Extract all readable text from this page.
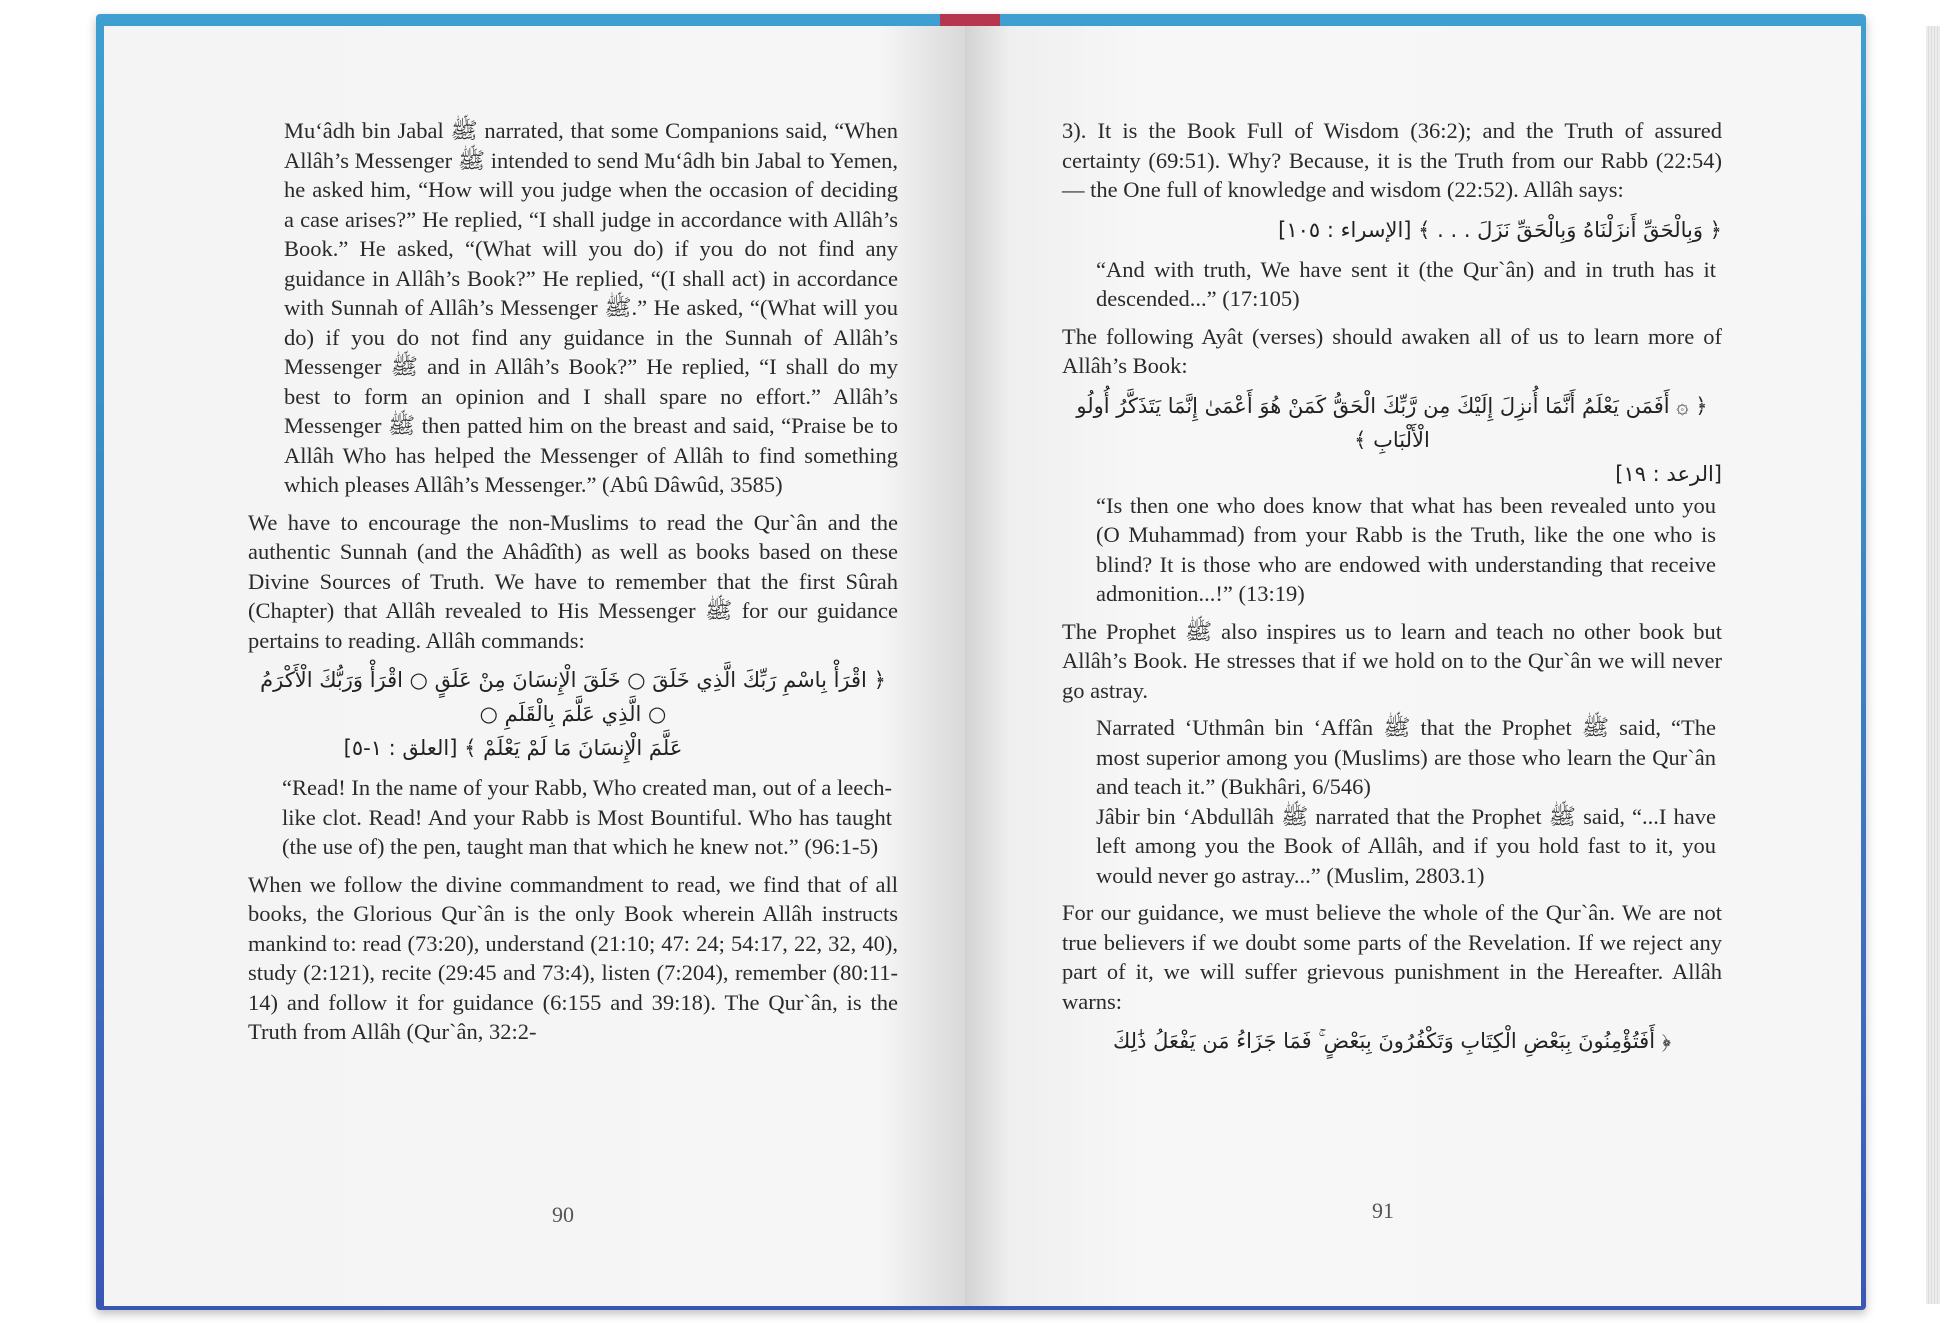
Mu‘âdh bin Jabal ﷺ narrated, that some Companions said, “When Allâh’s Messenger ﷺ intended to send Mu‘âdh bin Jabal to Yemen, he asked him, “How will you judge when the occasion of deciding a case arises?” He replied, “I shall judge in accordance with Allâh’s Book.” He asked, “(What will you do) if you do not find any guidance in Allâh’s Book?” He replied, “(I shall act) in accordance with Sunnah of Allâh’s Messenger ﷺ.” He asked, “(What will you do) if you do not find any guidance in the Sunnah of Allâh’s Messenger ﷺ and in Allâh’s Book?” He replied, “I shall do my best to form an opinion and I shall spare no effort.” Allâh’s Messenger ﷺ then patted him on the breast and said, “Praise be to Allâh Who has helped the Messenger of Allâh to find something which pleases Allâh’s Messenger.” (Abû Dâwûd, 3585)

We have to encourage the non-Muslims to read the Qur`ân and the authentic Sunnah (and the Ahâdîth) as well as books based on these Divine Sources of Truth. We have to remember that the first Sûrah (Chapter) that Allâh revealed to His Messenger ﷺ for our guidance pertains to reading. Allâh commands:

﴿ اقْرَأْ بِاسْمِ رَبِّكَ الَّذِي خَلَقَ ○ خَلَقَ الْإِنسَانَ مِنْ عَلَقٍ ○ اقْرَأْ وَرَبُّكَ الْأَكْرَمُ ○ الَّذِي عَلَّمَ بِالْقَلَمِ ○

عَلَّمَ الْإِنسَانَ مَا لَمْ يَعْلَمْ ﴾ [العلق : ١-٥]

“Read! In the name of your Rabb, Who created man, out of a leech-like clot. Read! And your Rabb is Most Bountiful. Who has taught (the use of) the pen, taught man that which he knew not.” (96:1-5)

When we follow the divine commandment to read, we find that of all books, the Glorious Qur`ân is the only Book wherein Allâh instructs mankind to: read (73:20), understand (21:10; 47: 24; 54:17, 22, 32, 40), study (2:121), recite (29:45 and 73:4), listen (7:204), remember (80:11-14) and follow it for guidance (6:155 and 39:18). The Qur`ân, is the Truth from Allâh (Qur`ân, 32:2-

90

3). It is the Book Full of Wisdom (36:2); and the Truth of assured certainty (69:51). Why? Because, it is the Truth from our Rabb (22:54) — the One full of knowledge and wisdom (22:52). Allâh says:

﴿ وَبِالْحَقِّ أَنزَلْنَاهُ وَبِالْحَقِّ نَزَلَ . . . ﴾ [الإسراء : ١٠٥]

“And with truth, We have sent it (the Qur`ân) and in truth has it descended...” (17:105)

The following Ayât (verses) should awaken all of us to learn more of Allâh’s Book:

﴿ ۞ أَفَمَن يَعْلَمُ أَنَّمَا أُنزِلَ إِلَيْكَ مِن رَّبِّكَ الْحَقُّ كَمَنْ هُوَ أَعْمَىٰ إِنَّمَا يَتَذَكَّرُ أُولُو الْأَلْبَابِ ﴾

[الرعد : ١٩]

“Is then one who does know that what has been revealed unto you (O Muhammad) from your Rabb is the Truth, like the one who is blind? It is those who are endowed with understanding that receive admonition...!” (13:19)

The Prophet ﷺ also inspires us to learn and teach no other book but Allâh’s Book. He stresses that if we hold on to the Qur`ân we will never go astray.

Narrated ‘Uthmân bin ‘Affân ﷺ that the Prophet ﷺ said, “The most superior among you (Muslims) are those who learn the Qur`ân and teach it.” (Bukhâri, 6/546)

Jâbir bin ‘Abdullâh ﷺ narrated that the Prophet ﷺ said, “...I have left among you the Book of Allâh, and if you hold fast to it, you would never go astray...” (Muslim, 2803.1)

For our guidance, we must believe the whole of the Qur`ân. We are not true believers if we doubt some parts of the Revelation. If we reject any part of it, we will suffer grievous punishment in the Hereafter. Allâh warns:

﴿ أَفَتُؤْمِنُونَ بِبَعْضِ الْكِتَابِ وَتَكْفُرُونَ بِبَعْضٍ ۚ فَمَا جَزَاءُ مَن يَفْعَلُ ذَٰلِكَ

91
